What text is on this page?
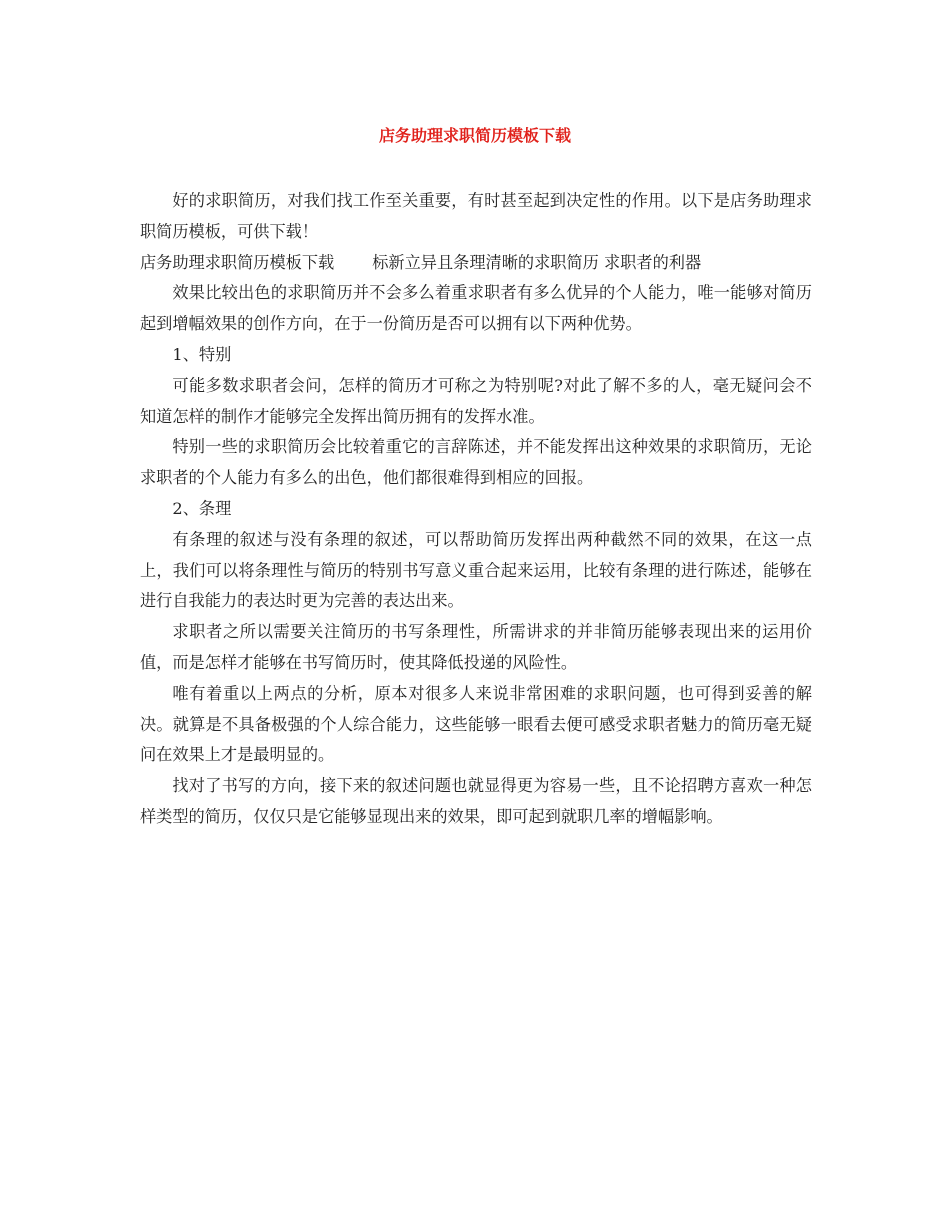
店务助理求职简历模板下载

好的求职简历，对我们找工作至关重要，有时甚至起到决定性的作用。以下是店务助理求职简历模板，可供下载！

店务助理求职简历模板下载 标新立异且条理清晰的求职简历 求职者的利器

效果比较出色的求职简历并不会多么着重求职者有多么优异的个人能力，唯一能够对简历起到增幅效果的创作方向，在于一份简历是否可以拥有以下两种优势。

1、特别

可能多数求职者会问，怎样的简历才可称之为特别呢?对此了解不多的人，毫无疑问会不知道怎样的制作才能够完全发挥出简历拥有的发挥水准。

特别一些的求职简历会比较着重它的言辞陈述，并不能发挥出这种效果的求职简历，无论求职者的个人能力有多么的出色，他们都很难得到相应的回报。

2、条理

有条理的叙述与没有条理的叙述，可以帮助简历发挥出两种截然不同的效果，在这一点上，我们可以将条理性与简历的特别书写意义重合起来运用，比较有条理的进行陈述，能够在进行自我能力的表达时更为完善的表达出来。

求职者之所以需要关注简历的书写条理性，所需讲求的并非简历能够表现出来的运用价值，而是怎样才能够在书写简历时，使其降低投递的风险性。

唯有着重以上两点的分析，原本对很多人来说非常困难的求职问题，也可得到妥善的解决。就算是不具备极强的个人综合能力，这些能够一眼看去便可感受求职者魅力的简历毫无疑问在效果上才是最明显的。

找对了书写的方向，接下来的叙述问题也就显得更为容易一些，且不论招聘方喜欢一种怎样类型的简历，仅仅只是它能够显现出来的效果，即可起到就职几率的增幅影响。
